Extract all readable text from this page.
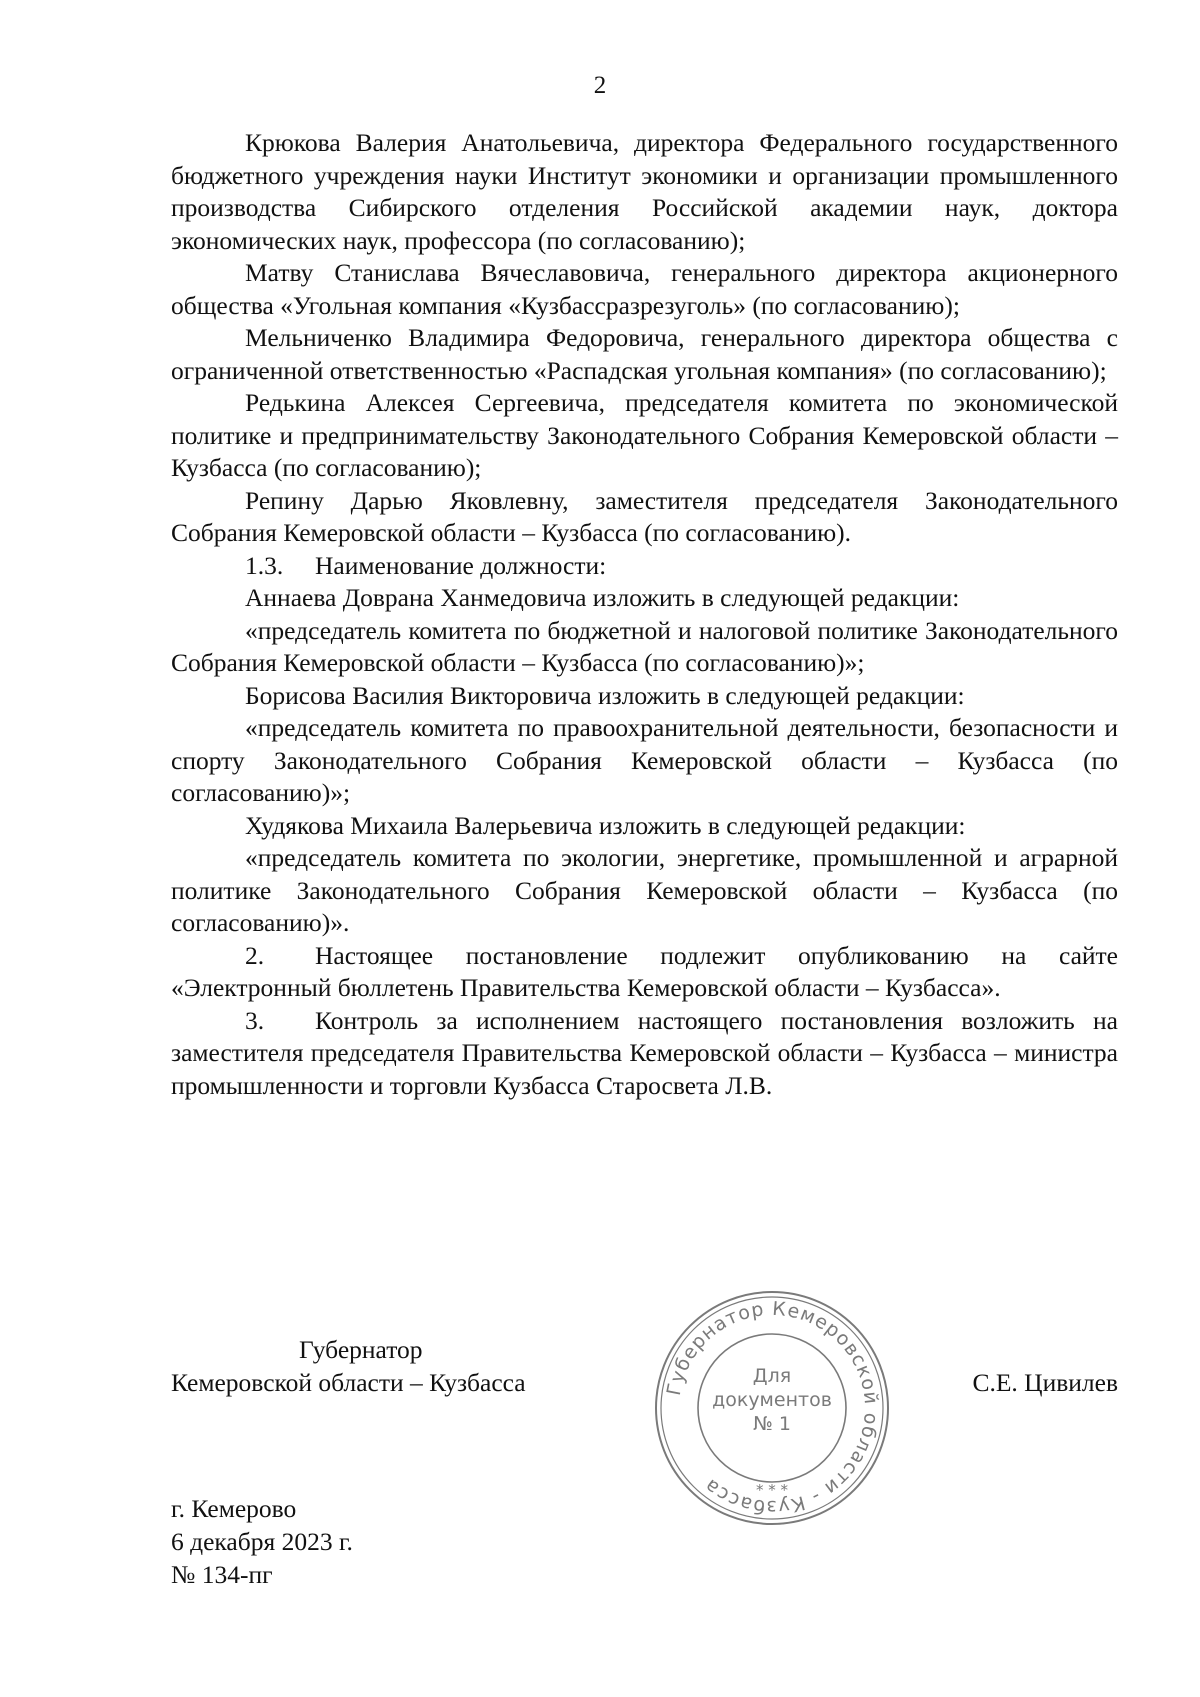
2

Крюкова Валерия Анатольевича, директора Федерального государственного бюджетного учреждения науки Институт экономики и организации промышленного производства Сибирского отделения Российской академии наук, доктора экономических наук, профессора (по согласованию);

Матву Станислава Вячеславовича, генерального директора акционерного общества «Угольная компания «Кузбассразрезуголь» (по согласованию);

Мельниченко Владимира Федоровича, генерального директора общества с ограниченной ответственностью «Распадская угольная компания» (по согласованию);

Редькина Алексея Сергеевича, председателя комитета по экономической политике и предпринимательству Законодательного Собрания Кемеровской области – Кузбасса (по согласованию);

Репину Дарью Яковлевну, заместителя председателя Законодательного Собрания Кемеровской области – Кузбасса (по согласованию).

1.3. Наименование должности:

Аннаева Доврана Ханмедовича изложить в следующей редакции:

«председатель комитета по бюджетной и налоговой политике Законодательного Собрания Кемеровской области – Кузбасса (по согласованию)»;

Борисова Василия Викторовича изложить в следующей редакции:

«председатель комитета по правоохранительной деятельности, безопасности и спорту Законодательного Собрания Кемеровской области – Кузбасса (по согласованию)»;

Худякова Михаила Валерьевича изложить в следующей редакции:

«председатель комитета по экологии, энергетике, промышленной и аграрной политике Законодательного Собрания Кемеровской области – Кузбасса (по согласованию)».

2. Настоящее постановление подлежит опубликованию на сайте «Электронный бюллетень Правительства Кемеровской области – Кузбасса».

3. Контроль за исполнением настоящего постановления возложить на заместителя председателя Правительства Кемеровской области – Кузбасса – министра промышленности и торговли Кузбасса Старосвета Л.В.

Губернатор
Кемеровской области – Кузбасса	С.Е. Цивилев
Губернатор Кемеровской области - Кузбасса
Для
документов
№ 1
* * *
г. Кемерово
6 декабря 2023 г.
№ 134-пг
